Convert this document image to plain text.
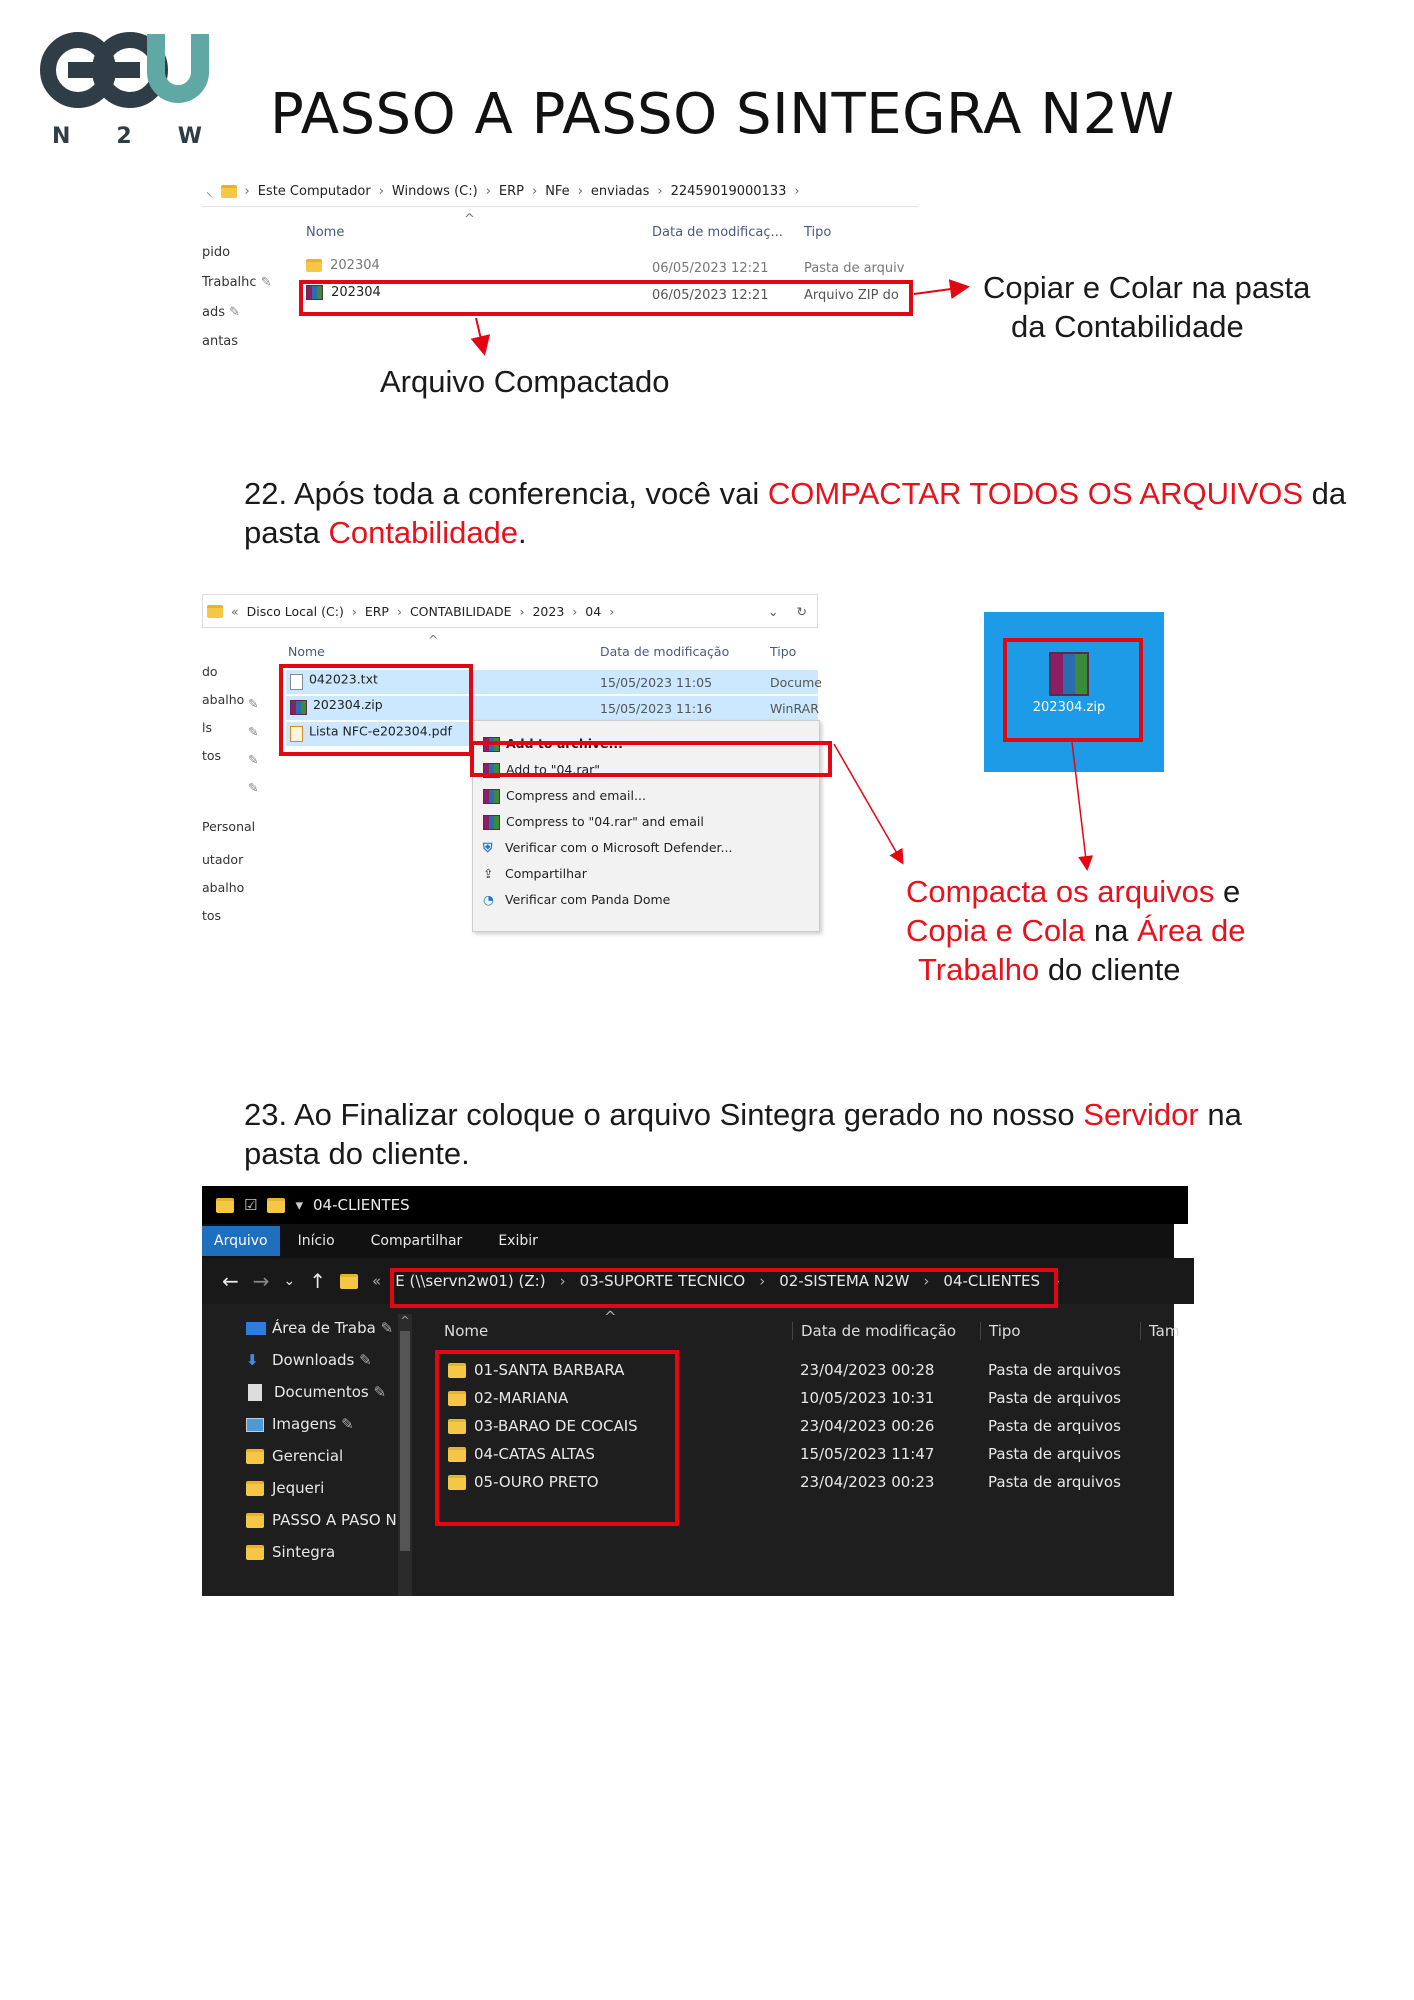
N 2 W PASSO A PASSO SINTEGRA N2W
⸜ › Este Computador › Windows (C:) › ERP › NFe › enviadas › 22459019000133 ›
pido
Trabalhc ✎
ads ✎
antas
Nome
^
Data de modificaç... Tipo
202304	06/05/2023 12:21	Pasta de arquiv
202304	06/05/2023 12:21	Arquivo ZIP do	Copiar e Colar na pasta
da Contabilidade
Arquivo Compactado
22. Após toda a conferencia, você vai COMPACTAR TODOS OS ARQUIVOS da pasta Contabilidade.
« Disco Local (C:) › ERP › CONTABILIDADE › 2023 › 04 ›	⌄	↻
do
abalho
ls
tos
Personal
utador
abalho
tos
✎
✎
✎
✎
Nome
^
Data de modificação	Tipo
042023.txt	15/05/2023 11:05	Docume
202304.zip	15/05/2023 11:16	WinRAR
Lista NFC-e202304.pdf
Add to archive...
Add to "04.rar"
Compress and email...
Compress to "04.rar" and email
⛨ Verificar com o Microsoft Defender...
⇪ Compartilhar
◔ Verificar com Panda Dome
202304.zip
Compacta os arquivos e
Copia e Cola na Área de
Trabalho do cliente
23. Ao Finalizar coloque o arquivo Sintegra gerado no nosso Servidor na pasta do cliente.
☑	▾ 04-CLIENTES
Arquivo	Início	Compartilhar	Exibir
← → ⌄ ↑	« E (\\servn2w01) (Z:) › 03-SUPORTE TECNICO › 02-SISTEMA N2W › 04-CLIENTES ›
Área de Traba ✎
⬇ Downloads ✎
Documentos ✎
Imagens ✎
Gerencial
Jequeri
PASSO A PASO N
Sintegra
^
Nome
^
Data de modificação	Tipo	Tam
01-SANTA BARBARA	23/04/2023 00:28	Pasta de arquivos
02-MARIANA	10/05/2023 10:31	Pasta de arquivos
03-BARAO DE COCAIS	23/04/2023 00:26	Pasta de arquivos
04-CATAS ALTAS	15/05/2023 11:47	Pasta de arquivos
05-OURO PRETO	23/04/2023 00:23	Pasta de arquivos
